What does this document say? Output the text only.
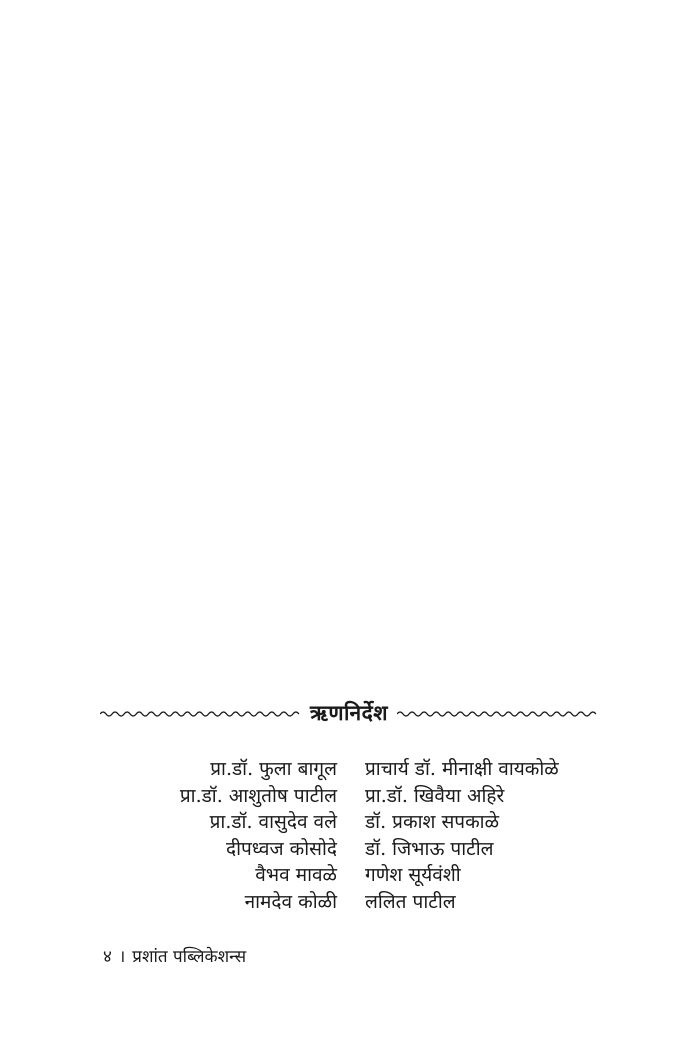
ऋणनिर्देश
प्रा.डॉ. फुला बागूल प्राचार्य डॉ. मीनाक्षी वायकोळे
प्रा.डॉ. आशुतोष पाटील प्रा.डॉ. खिवैया अहिरे
प्रा.डॉ. वासुदेव वले डॉ. प्रकाश सपकाळे
दीपध्वज कोसोदे डॉ. जिभाऊ पाटील
वैभव मावळे गणेश सूर्यवंशी
नामदेव कोळी ललित पाटील
४ । प्रशांत पब्लिकेशन्स
